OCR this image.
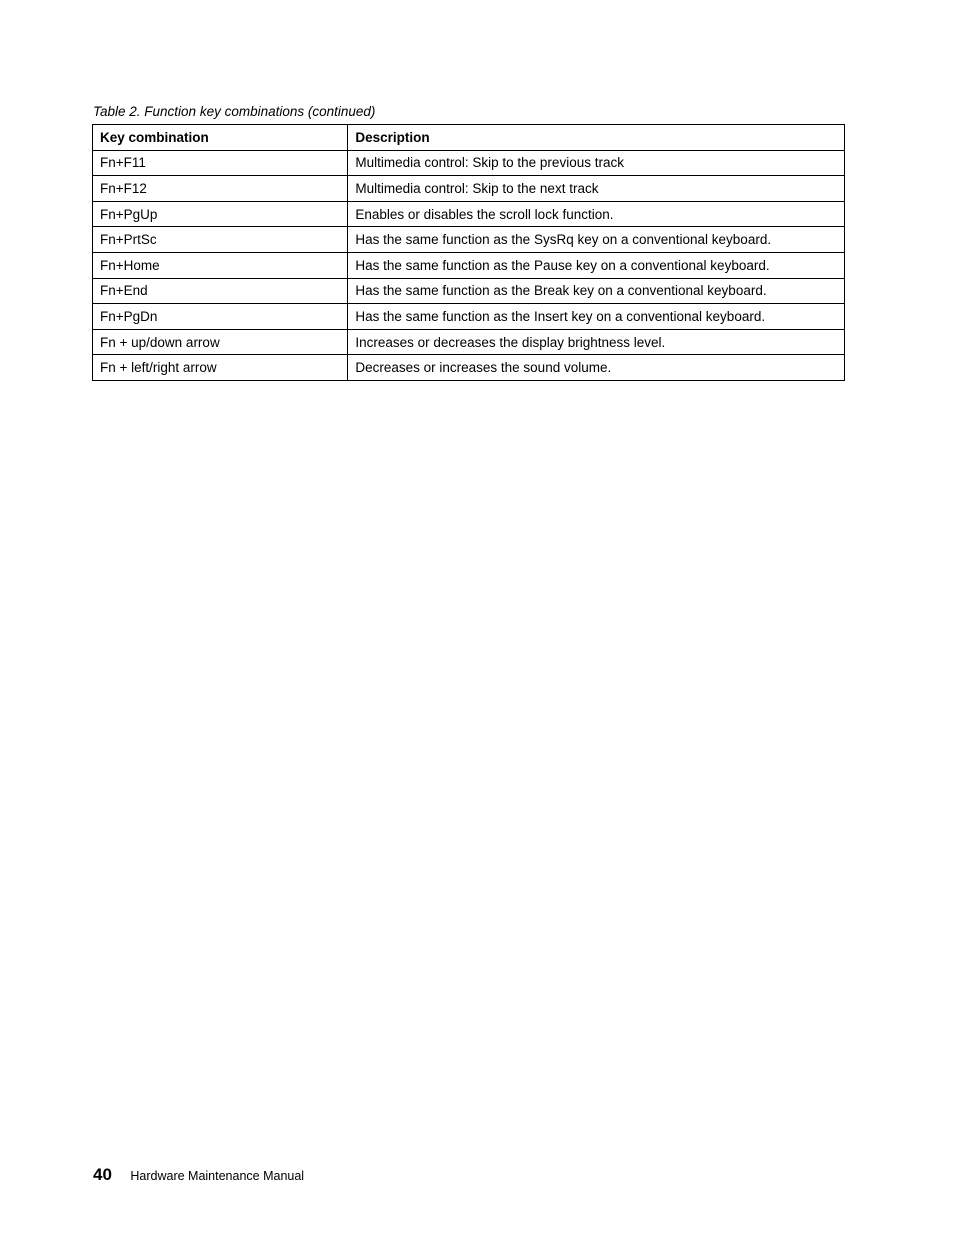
Table 2. Function key combinations (continued)
Key combination	Description
Fn+F11	Multimedia control: Skip to the previous track
Fn+F12	Multimedia control: Skip to the next track
Fn+PgUp	Enables or disables the scroll lock function.
Fn+PrtSc	Has the same function as the SysRq key on a conventional keyboard.
Fn+Home	Has the same function as the Pause key on a conventional keyboard.
Fn+End	Has the same function as the Break key on a conventional keyboard.
Fn+PgDn	Has the same function as the Insert key on a conventional keyboard.
Fn + up/down arrow	Increases or decreases the display brightness level.
Fn + left/right arrow	Decreases or increases the sound volume.
40 Hardware Maintenance Manual
